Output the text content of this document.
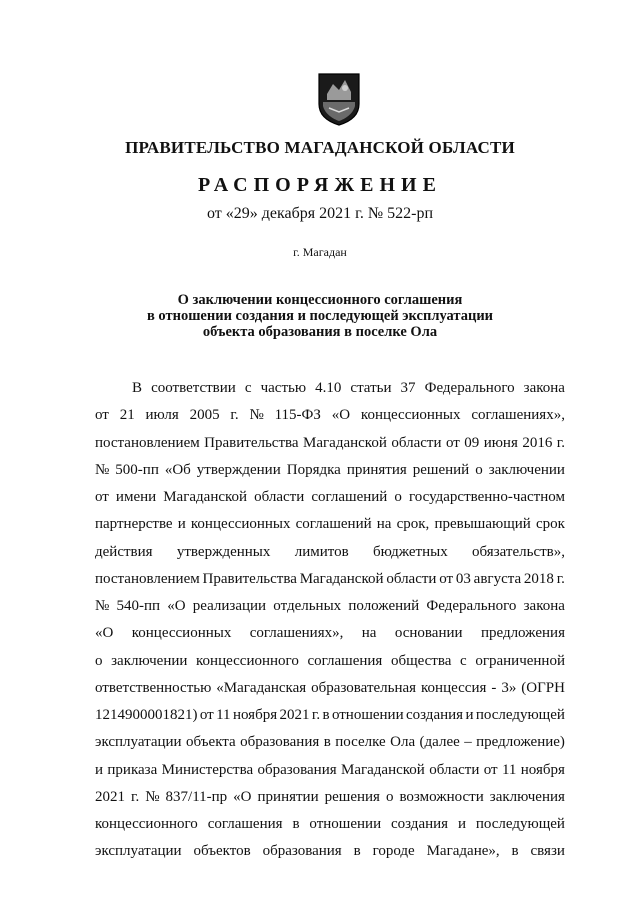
ПРАВИТЕЛЬСТВО МАГАДАНСКОЙ ОБЛАСТИ
РАСПОРЯЖЕНИЕ
от «29» декабря 2021 г. № 522-рп
г. Магадан
О заключении концессионного соглашения
в отношении создания и последующей эксплуатации
объекта образования в поселке Ола
В соответствии с частью 4.10 статьи 37 Федерального закона
от 21 июля 2005 г. № 115-ФЗ «О концессионных соглашениях»,
постановлением Правительства Магаданской области от 09 июня 2016 г.
№ 500-пп «Об утверждении Порядка принятия решений о заключении
от имени Магаданской области соглашений о государственно-частном
партнерстве и концессионных соглашений на срок, превышающий срок
действия утвержденных лимитов бюджетных обязательств»,
постановлением Правительства Магаданской области от 03 августа 2018 г.
№ 540-пп «О реализации отдельных положений Федерального закона
«О концессионных соглашениях», на основании предложения
о заключении концессионного соглашения общества с ограниченной
ответственностью «Магаданская образовательная концессия - 3» (ОГРН
1214900001821) от 11 ноября 2021 г. в отношении создания и последующей
эксплуатации объекта образования в поселке Ола (далее – предложение)
и приказа Министерства образования Магаданской области от 11 ноября
2021 г. № 837/11-пр «О принятии решения о возможности заключения
концессионного соглашения в отношении создания и последующей
эксплуатации объектов образования в городе Магадане», в связи
